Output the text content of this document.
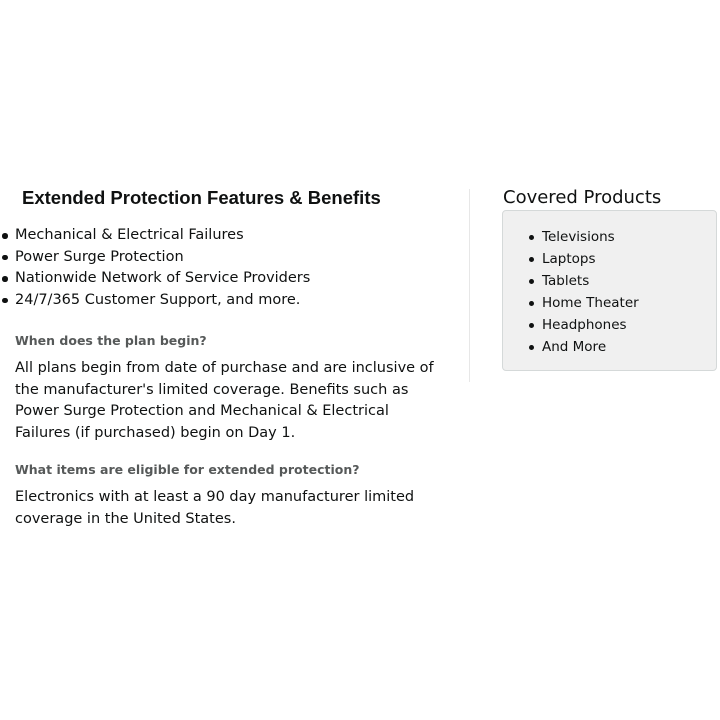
Extended Protection Features & Benefits
Mechanical & Electrical Failures
Power Surge Protection
Nationwide Network of Service Providers
24/7/365 Customer Support, and more.
When does the plan begin?

All plans begin from date of purchase and are inclusive of the manufacturer's limited coverage. Benefits such as Power Surge Protection and Mechanical & Electrical Failures (if purchased) begin on Day 1.

What items are eligible for extended protection?

Electronics with at least a 90 day manufacturer limited coverage in the United States.

Covered Products
Televisions
Laptops
Tablets
Home Theater
Headphones
And More
